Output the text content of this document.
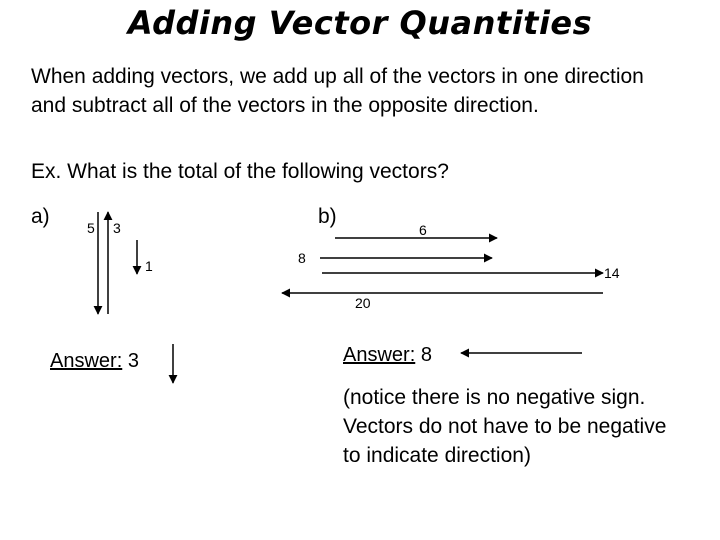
Adding Vector Quantities
When adding vectors, we add up all of the vectors in one direction and subtract all of the vectors in the opposite direction.
Ex. What is the total of the following vectors?
a)	5 3
1
Answer: 3
b)
6
8
14
20
Answer: 8
(notice there is no negative sign. Vectors do not have to be negative to indicate direction)
